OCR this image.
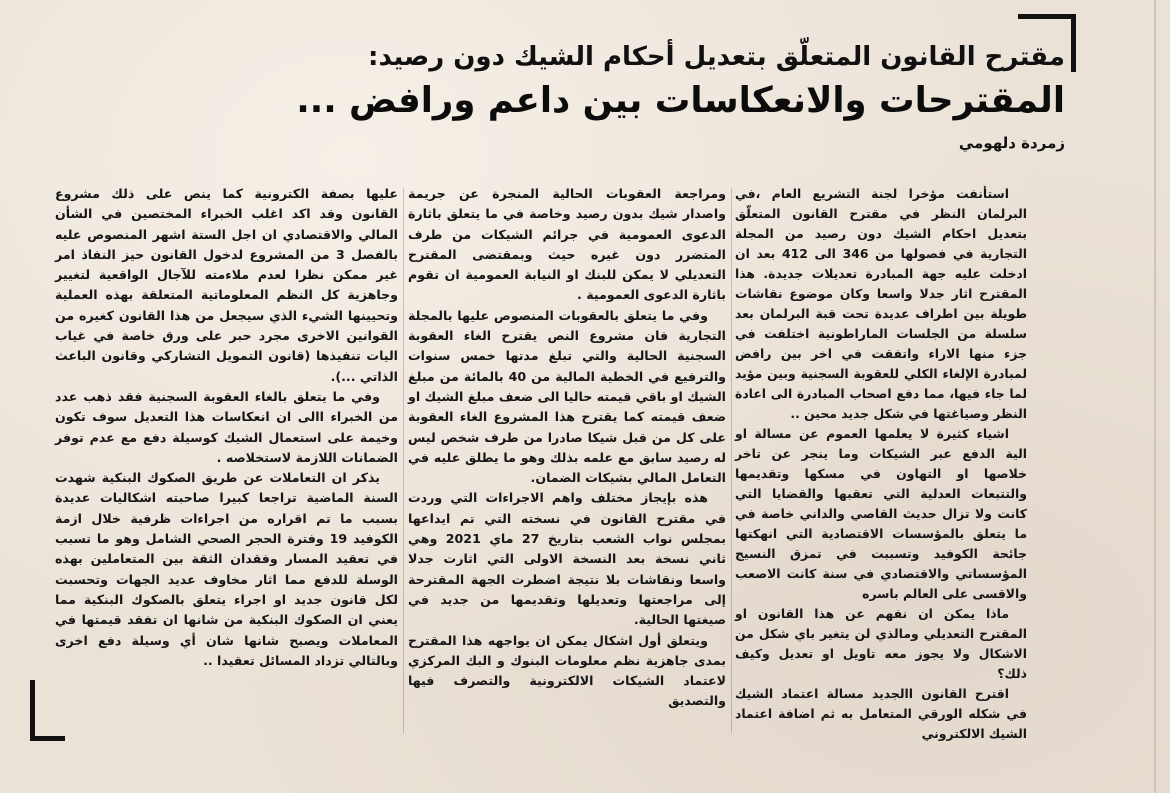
مقترح القانون المتعلّق بتعديل أحكام الشيك دون رصيد:
المقترحات والانعكاسات بين داعم ورافض ...
زمردة دلهومي

استأنفت مؤخرا لجنة التشريع العام ،في البرلمان النظر في مقترح القانون المتعلّق بتعديل احكام الشيك دون رصيد من المجلة التجارية في فصولها من 346 الى 412 بعد ان ادخلت عليه جهة المبادرة تعديلات جديدة. هذا المقترح اثار جدلا واسعا وكان موضوع نقاشات طويلة بين اطراف عديدة تحت قبة البرلمان بعد سلسلة من الجلسات الماراطونية اختلفت في جزء منها الاراء واتفقت في اخر بين رافض لمبادرة الإلغاء الكلي للعقوبة السجنية وبين مؤيد لما جاء فيها، مما دفع اصحاب المبادرة الى اعادة النظر وصياغتها في شكل جديد محين ..

اشياء كثيرة لا يعلمها العموم عن مسالة او الية الدفع عبر الشيكات وما ينجر عن تاخر خلاصها او التهاون في مسكها وتقديمها والتتبعات العدلية التي تعقبها والقضايا التي كانت ولا تزال حديث القاصي والداني خاصة في ما يتعلق بالمؤسسات الاقتصادية التي انهكتها جائحة الكوفيد وتسببت في تمزق النسيج المؤسساتي والاقتصادي في سنة كانت الاصعب والاقسى على العالم باسره

ماذا يمكن ان نفهم عن هذا القانون او المقترح التعديلي ومالذي لن يتغير باي شكل من الاشكال ولا يجوز معه تاويل او تعديل وكيف ذلك؟

اقترح القانون االجديد مسالة اعتماد الشيك في شكله الورقي المتعامل به ثم اضافة اعتماد الشيك الالكتروني

ومراجعة العقوبات الحالية المنجرة عن جريمة واصدار شيك بدون رصيد وخاصة في ما يتعلق باثارة الدعوى العمومية في جرائم الشيكات من طرف المتضرر دون غيره حيث وبمقتضى المقترح التعديلي لا يمكن للبنك او النيابة العمومية ان تقوم باثارة الدعوى العمومية .

وفي ما يتعلق بالعقوبات المنصوص عليها بالمجلة التجارية فان مشروع النص يقترح الغاء العقوبة السجنية الحالية والتي تبلغ مدتها خمس سنوات والترفيع في الخطية المالية من 40 بالمائة من مبلغ الشيك او باقي قيمته حاليا الى ضعف مبلغ الشيك او ضعف قيمته كما يقترح هذا المشروع الغاء العقوبة على كل من قبل شيكا صادرا من طرف شخص ليس له رصيد سابق مع علمه بذلك وهو ما يطلق عليه في التعامل المالي بشيكات الضمان.

هذه بإيجاز مختلف واهم الاجراءات التي وردت في مقترح القانون في نسخته التي تم ايداعها بمجلس نواب الشعب بتاريخ 27 ماي 2021 وهي ثاني نسخة بعد النسخة الاولى التي اثارت جدلا واسعا ونقاشات بلا نتيجة اضطرت الجهة المقترحة إلى مراجعتها وتعديلها وتقديمها من جديد في صيغتها الحالية.

ويتعلق أول اشكال يمكن ان يواجهه هذا المقترح بمدى جاهزية نظم معلومات البنوك و البك المركزي لاعتماد الشيكات الالكترونية والتصرف فيها والتصديق

عليها بصفة الكترونية كما ينص على ذلك مشروع القانون وقد اكد اغلب الخبراء المختصين في الشأن المالي والاقتصادي ان اجل الستة اشهر المنصوص عليه بالفصل 3 من المشروع لدخول القانون حيز النفاذ امر غير ممكن نظرا لعدم ملاءمته للآجال الواقعية لتغيير وجاهزية كل النظم المعلوماتية المتعلقة بهذه العملية وتحيينها الشيء الذي سيجعل من هذا القانون كغيره من القوانين الاخرى مجرد حبر على ورق خاصة في غياب اليات تنفيذها (قانون التمويل التشاركي وقانون الباعث الذاتي ...).

وفي ما يتعلق بالغاء العقوبة السجنية فقد ذهب عدد من الخبراء االى ان انعكاسات هذا التعديل سوف تكون وخيمة على استعمال الشيك كوسيلة دفع مع عدم توفر الضمانات اللازمة لاستخلاصه .

يذكر ان التعاملات عن طريق الصكوك البنكية شهدت السنة الماضية تراجعا كبيرا صاحبته اشكاليات عديدة بسبب ما تم اقراره من اجراءات ظرفية خلال ازمة الكوفيد 19 وفترة الحجر الصحي الشامل وهو ما تسبب في تعقيد المسار وفقدان الثقة بين المتعاملين بهذه الوسلة للدفع مما اثار مخاوف عديد الجهات وتحسبت لكل قانون جديد او اجراء يتعلق بالصكوك البنكية مما يعني ان الصكوك البنكية من شانها ان تفقد قيمتها في المعاملات ويصبح شانها شان أي وسيلة دفع اخرى وبالتالي تزداد المسائل تعقيدا ..
